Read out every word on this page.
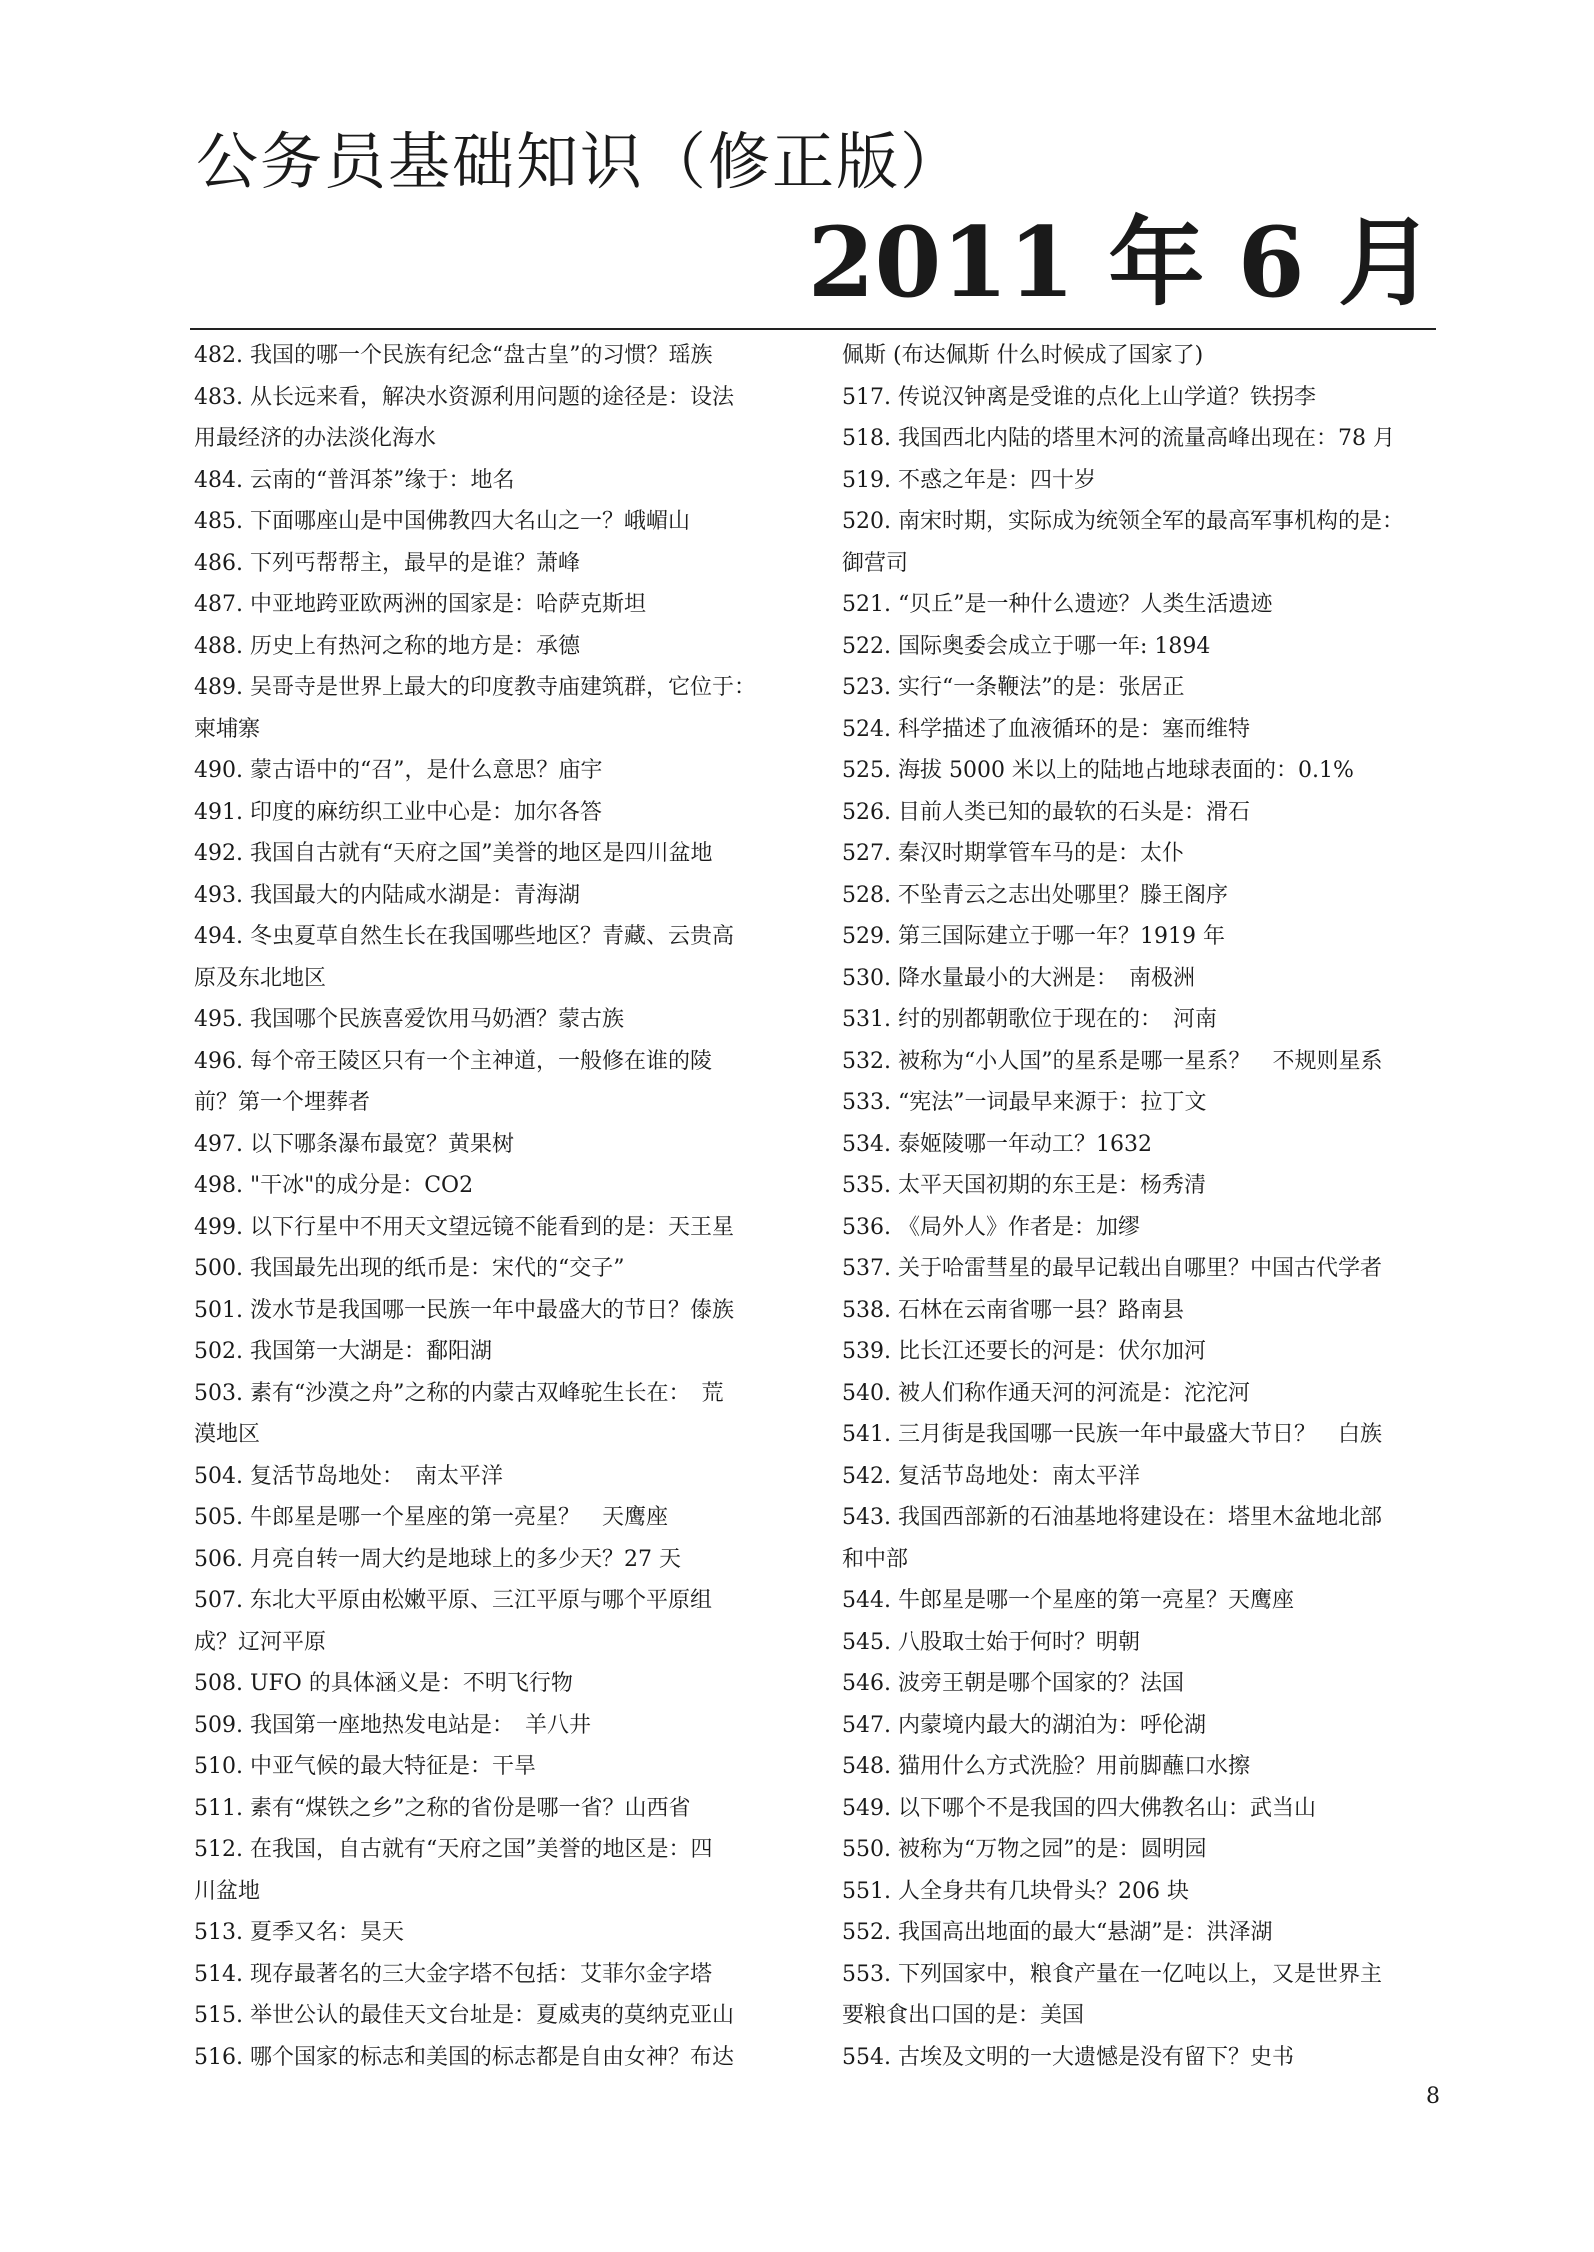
公务员基础知识（修正版）
2011 年 6 月
482. 我国的哪一个民族有纪念“盘古皇”的习惯？瑶族
483. 从长远来看，解决水资源利用问题的途径是：设法
用最经济的办法淡化海水
484. 云南的“普洱茶”缘于：地名
485. 下面哪座山是中国佛教四大名山之一？峨嵋山
486. 下列丐帮帮主，最早的是谁？萧峰
487. 中亚地跨亚欧两洲的国家是：哈萨克斯坦
488. 历史上有热河之称的地方是：承德
489. 吴哥寺是世界上最大的印度教寺庙建筑群，它位于：
柬埔寨
490. 蒙古语中的“召”，是什么意思？庙宇
491. 印度的麻纺织工业中心是：加尔各答
492. 我国自古就有“天府之国”美誉的地区是四川盆地
493. 我国最大的内陆咸水湖是：青海湖
494. 冬虫夏草自然生长在我国哪些地区？青藏、云贵高
原及东北地区
495. 我国哪个民族喜爱饮用马奶酒？蒙古族
496. 每个帝王陵区只有一个主神道，一般修在谁的陵
前？第一个埋葬者
497. 以下哪条瀑布最宽？黄果树
498. "干冰"的成分是：CO2
499. 以下行星中不用天文望远镜不能看到的是：天王星
500. 我国最先出现的纸币是：宋代的“交子”
501. 泼水节是我国哪一民族一年中最盛大的节日？傣族
502. 我国第一大湖是：鄱阳湖
503. 素有“沙漠之舟”之称的内蒙古双峰驼生长在：　荒
漠地区
504. 复活节岛地处：　南太平洋
505. 牛郎星是哪一个星座的第一亮星？　天鹰座
506. 月亮自转一周大约是地球上的多少天？27 天
507. 东北大平原由松嫩平原、三江平原与哪个平原组
成？辽河平原
508. UFO 的具体涵义是：不明飞行物
509. 我国第一座地热发电站是：　羊八井
510. 中亚气候的最大特征是：干旱
511. 素有“煤铁之乡”之称的省份是哪一省？山西省
512. 在我国，自古就有“天府之国”美誉的地区是：四
川盆地
513. 夏季又名：昊天
514. 现存最著名的三大金字塔不包括：艾菲尔金字塔
515. 举世公认的最佳天文台址是：夏威夷的莫纳克亚山
516. 哪个国家的标志和美国的标志都是自由女神？布达
佩斯 (布达佩斯 什么时候成了国家了)
517. 传说汉钟离是受谁的点化上山学道？铁拐李
518. 我国西北内陆的塔里木河的流量高峰出现在：78 月
519. 不惑之年是：四十岁
520. 南宋时期，实际成为统领全军的最高军事机构的是：
御营司
521. “贝丘”是一种什么遗迹？人类生活遗迹
522. 国际奥委会成立于哪一年: 1894
523. 实行“一条鞭法”的是：张居正
524. 科学描述了血液循环的是：塞而维特
525. 海拔 5000 米以上的陆地占地球表面的：0.1%
526. 目前人类已知的最软的石头是：滑石
527. 秦汉时期掌管车马的是：太仆
528. 不坠青云之志出处哪里？滕王阁序
529. 第三国际建立于哪一年？1919 年
530. 降水量最小的大洲是：　南极洲
531. 纣的别都朝歌位于现在的：　河南
532. 被称为“小人国”的星系是哪一星系？　不规则星系
533. “宪法”一词最早来源于：拉丁文
534. 泰姬陵哪一年动工？1632
535. 太平天国初期的东王是：杨秀清
536. 《局外人》作者是：加缪
537. 关于哈雷彗星的最早记载出自哪里？中国古代学者
538. 石林在云南省哪一县？路南县
539. 比长江还要长的河是：伏尔加河
540. 被人们称作通天河的河流是：沱沱河
541. 三月街是我国哪一民族一年中最盛大节日？　白族
542. 复活节岛地处：南太平洋
543. 我国西部新的石油基地将建设在：塔里木盆地北部
和中部
544. 牛郎星是哪一个星座的第一亮星？天鹰座
545. 八股取士始于何时？明朝
546. 波旁王朝是哪个国家的？法国
547. 内蒙境内最大的湖泊为：呼伦湖
548. 猫用什么方式洗脸？用前脚蘸口水擦
549. 以下哪个不是我国的四大佛教名山：武当山
550. 被称为“万物之园”的是：圆明园
551. 人全身共有几块骨头？206 块
552. 我国高出地面的最大“悬湖”是：洪泽湖
553. 下列国家中，粮食产量在一亿吨以上，又是世界主
要粮食出口国的是：美国
554. 古埃及文明的一大遗憾是没有留下？史书
8
